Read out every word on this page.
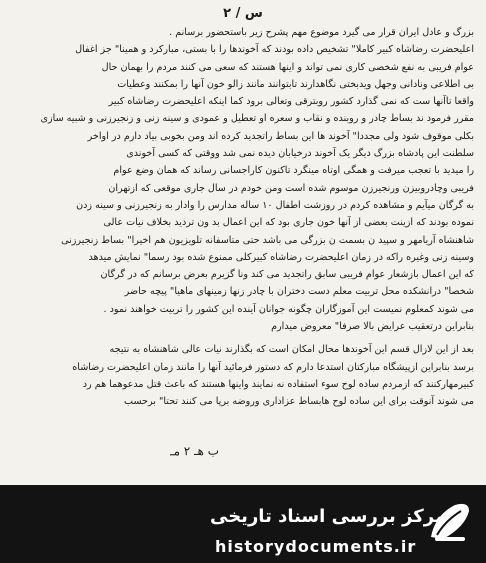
س / ۲

بزرگ و عادل ایران قرار می گیرد موضوع مهم پشرح زیر باستحضور برسانم .
اعلیحضرت رضاشاه کبیر کاملا" تشخیص داده بودند که آخوندها را با بستی، مبارکرد و همینا" جز اغفال
عوام فریبی به نفع شخصی کاری نمی تواند و اینها هستند که سعی می کنند مردم را بهمان حال
بی اطلاعی ونادانی وجهل ویدبختی نگاهدارند تابتوانند مانند زالو خون آنها را بمکنند وعطیات
واقعا تاآنها ست که نمی گذارد کشور روبترقی وتعالی برود کما اینکه اعلیحضرت رضاشاه کبیر
مقرر فرمود ند بساط چادر و روبنده و نقاب و سعره او تعطیل و عمودی و سینه زنی و زنجیرزنی و شبیه سازی
بکلی موقوف شود ولی مجددا" آخوند ها این بساط راتجدید کرده اند ومن بخوبی بیاد دارم در اواخر
سلطنت این پادشاه بزرگ دیگر یک آخوند درخیابان دیده نمی شد ووقتی که کسی آخوندی
را میدید با تعجب میرفت و همگی اوتاه مینگرد تاکنون کاراجسانی رساند که همان وضع عوام
فریبی وچادروبیزن ورنجیرزن موسوم شده است ومن خودم در سال جاری موقعی که ازتهران
به گرگان میآیم و مشاهده کردم در روزشت اطفال ۱۰ ساله مدارس را وادار به زنجیرزنی و سینه زدن
نموده بودند که ازینت بعضی از آنها خون جاری بود که این اعمال بد ون تردید بخلاف نیات عالی
شاهنشاه آریامهر و سپید ن بسمت ن بزرگی می باشد حتی متاسفانه تلویزیون هم اخیرا" بساط زنجیرزنی
وسینه زنی وغیره راکه در زمان اعلیحضرت رضاشاه کبیرکلی ممنوع شده بود رسما" نمایش میدهد
که این اعمال بازشعار عوام فریبی سابق راتجدید می کند ونا گزیرم بعرض برسانم که در گرگان
شخصا" درانشکده محل تربیت معلم دست دختران با چادر زنها زمینهای ماهیا" پیچه حاضر
می شوند کمعلوم نمیست این آموزگاران چگونه جوانان آینده این کشور را تربیت خواهند نمود .
بنابراین درتعقیب عرایض بالا صرفا" معروض میدارم

بعد از این لازال قسم این آخوندها محال امکان است که بگذارند نیات عالی شاهنشاه به نتیجه
برسد بنابراین ازپیشگاه مبارکتان استدعا دارم که دستور فرمائید آنها را مانند زمان اعلیحضرت رضاشاه
کبیرمهارکنند که ازمردم ساده لوح سوء استفاده نه نمایند واینها هستند که باعث قتل مدعوهما هم رد
می شوند آنوقت برای این ساده لوح هابساط عزاداری وروضه برپا می کنند تحتا" برحسب

ب هـ ۲ مـ
مرکز بررسی اسناد تاریخی
historydocuments.ir
